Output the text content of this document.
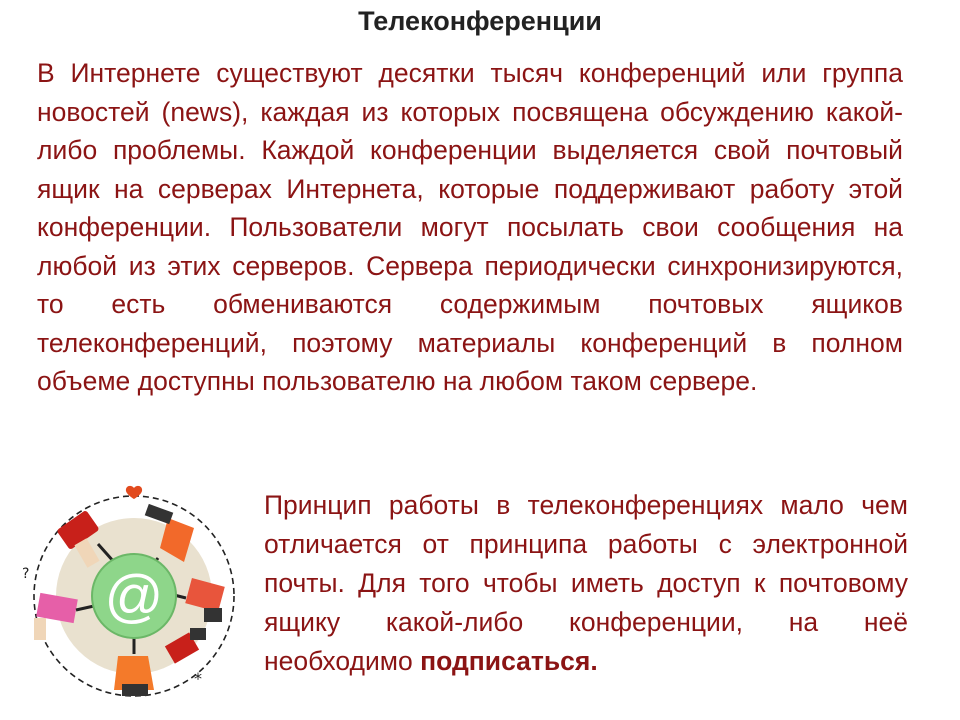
Телеконференции
В Интернете существуют десятки тысяч конференций или группа новостей (news), каждая из которых посвящена обсуждению какой-либо проблемы. Каждой конференции выделяется свой почтовый ящик на серверах Интернета, которые поддерживают работу этой конференции. Пользователи могут посылать свои сообщения на любой из этих серверов. Сервера периодически синхронизируются, то есть обмениваются содержимым почтовых ящиков телеконференций, поэтому материалы конференций в полном объеме доступны пользователю на любом таком сервере.
@
*
?
Принцип работы в телеконференциях мало чем отличается от принципа работы с электронной почты. Для того чтобы иметь доступ к почтовому ящику какой-либо конференции, на неё необходимо подписаться.
